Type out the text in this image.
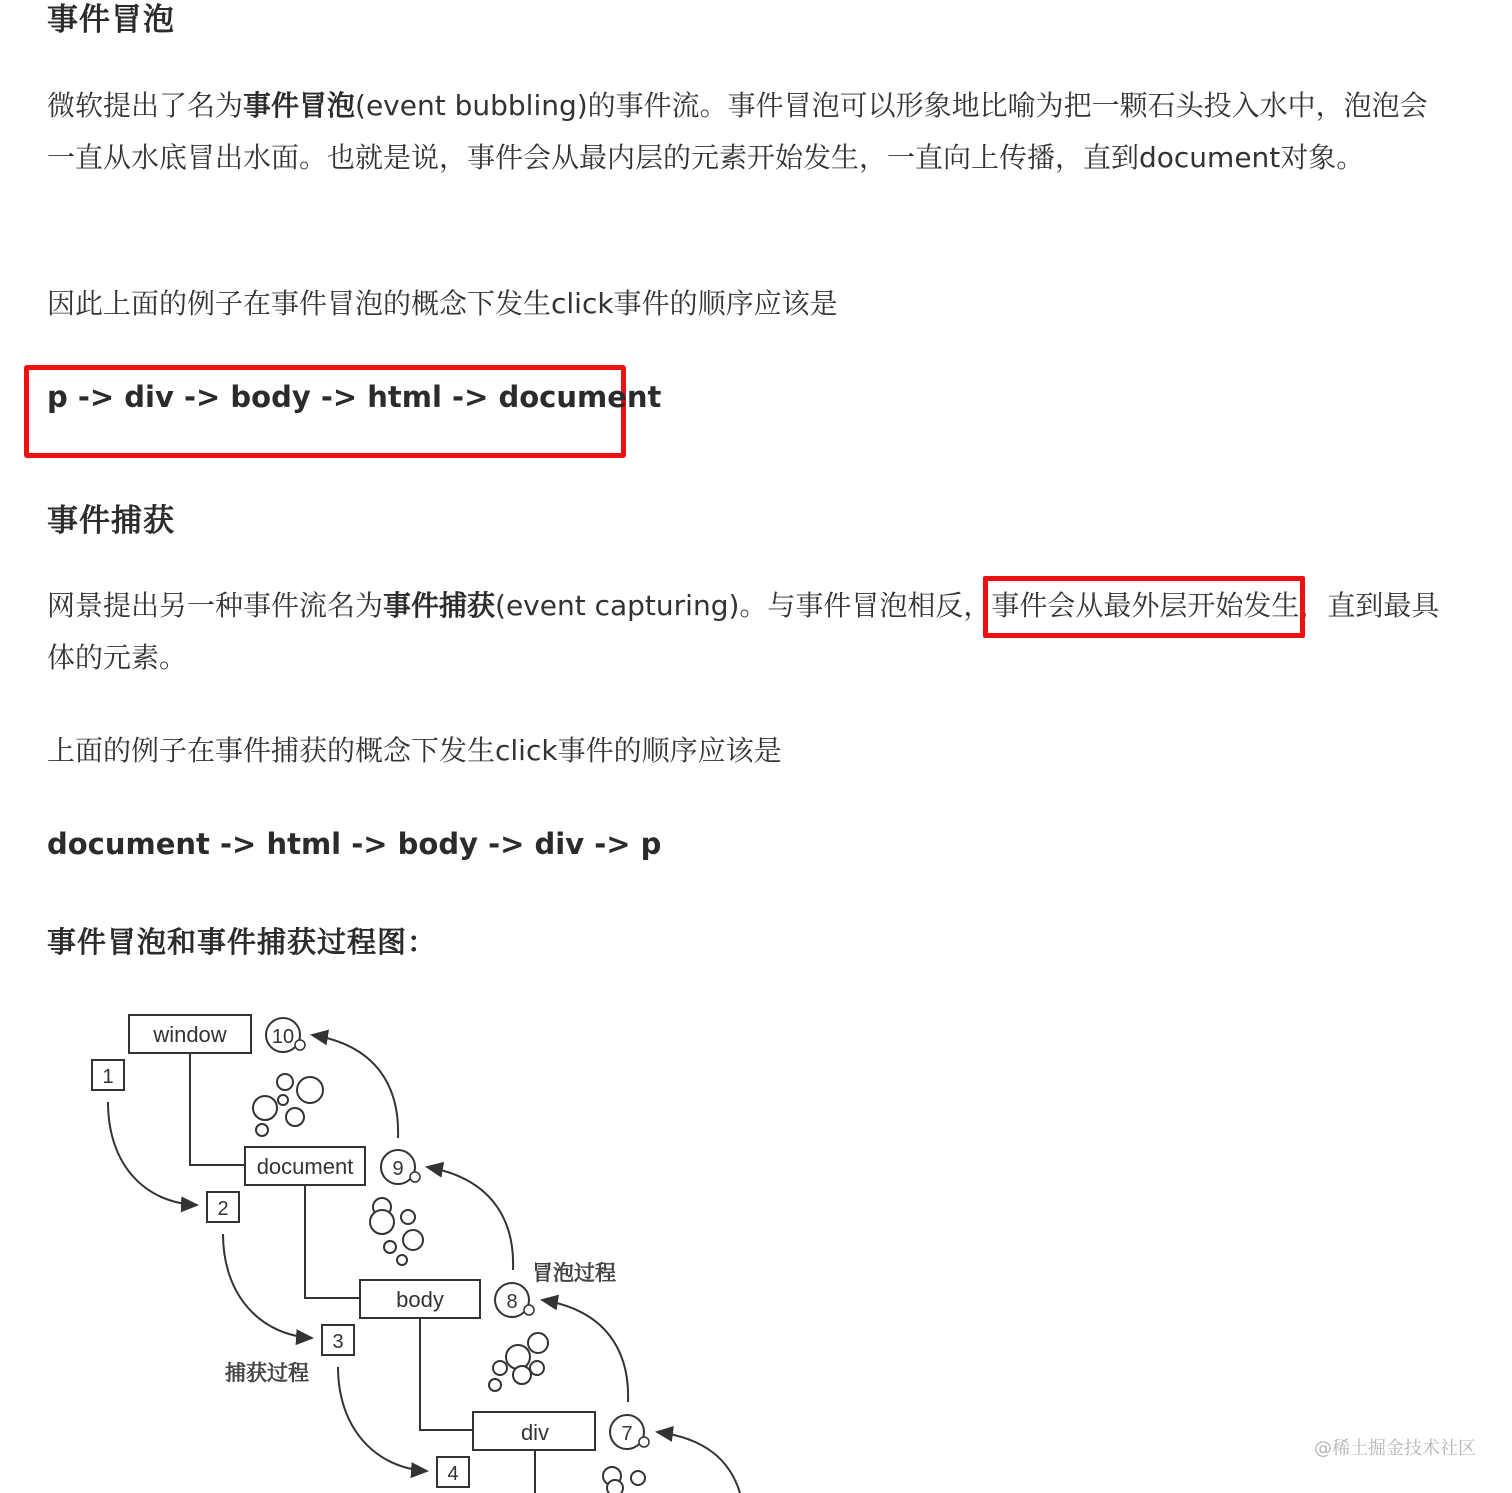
事件冒泡
微软提出了名为事件冒泡(event bubbling)的事件流。事件冒泡可以形象地比喻为把一颗石头投入水中，泡泡会一直从水底冒出水面。也就是说，事件会从最内层的元素开始发生，一直向上传播，直到document对象。
因此上面的例子在事件冒泡的概念下发生click事件的顺序应该是
p -> div -> body -> html -> document
事件捕获
网景提出另一种事件流名为事件捕获(event capturing)。与事件冒泡相反，事件会从最外层开始发生，直到最具体的元素。
上面的例子在事件捕获的概念下发生click事件的顺序应该是
document -> html -> body -> div -> p
事件冒泡和事件捕获过程图：
window
document
body
div
1
2
3
4
10
9
8
7
冒泡过程
捕获过程
@稀土掘金技术社区
